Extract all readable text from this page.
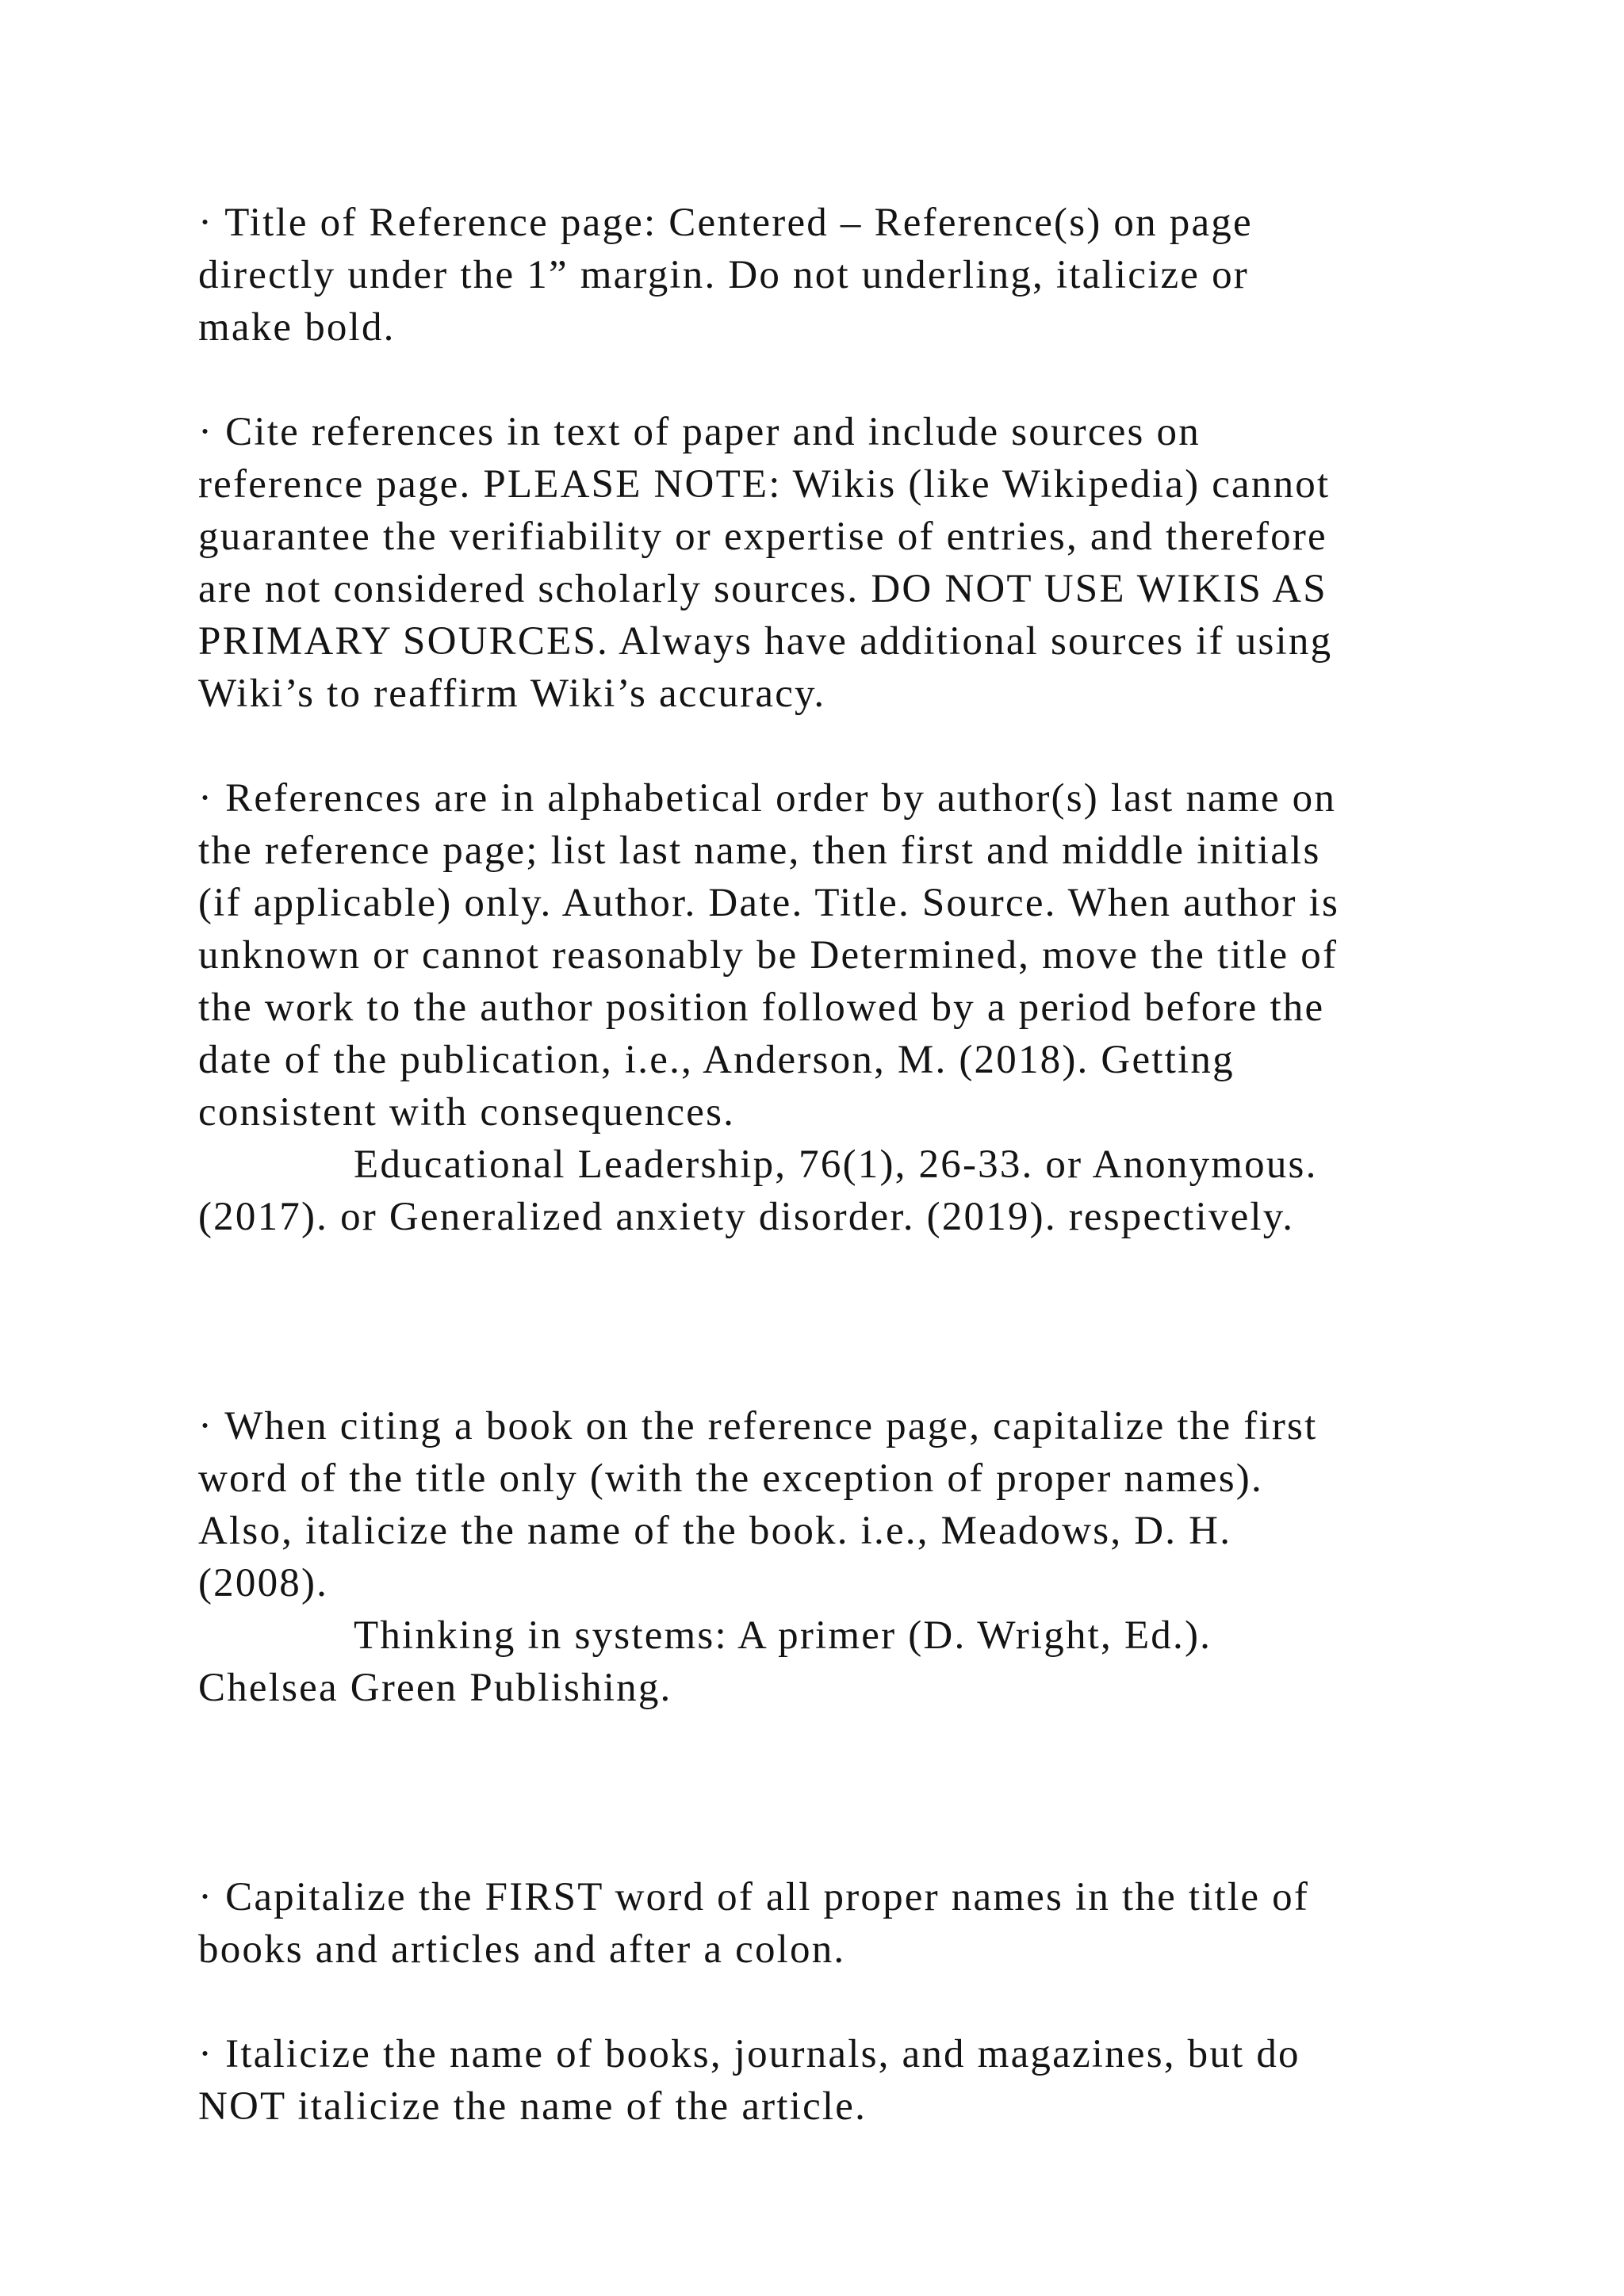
· Title of Reference page: Centered – Reference(s) on page
directly under the 1” margin. Do not underling, italicize or
make bold.
· Cite references in text of paper and include sources on
reference page. PLEASE NOTE: Wikis (like Wikipedia) cannot
guarantee the verifiability or expertise of entries, and therefore
are not considered scholarly sources. DO NOT USE WIKIS AS
PRIMARY SOURCES. Always have additional sources if using
Wiki’s to reaffirm Wiki’s accuracy.
· References are in alphabetical order by author(s) last name on
the reference page; list last name, then first and middle initials
(if applicable) only. Author. Date. Title. Source. When author is
unknown or cannot reasonably be Determined, move the title of
the work to the author position followed by a period before the
date of the publication, i.e., Anderson, M. (2018). Getting
consistent with consequences.
Educational Leadership, 76(1), 26-33. or Anonymous.
(2017). or Generalized anxiety disorder. (2019). respectively.
· When citing a book on the reference page, capitalize the first
word of the title only (with the exception of proper names).
Also, italicize the name of the book. i.e., Meadows, D. H.
(2008).
Thinking in systems: A primer (D. Wright, Ed.).
Chelsea Green Publishing.
· Capitalize the FIRST word of all proper names in the title of
books and articles and after a colon.
· Italicize the name of books, journals, and magazines, but do
NOT italicize the name of the article.
